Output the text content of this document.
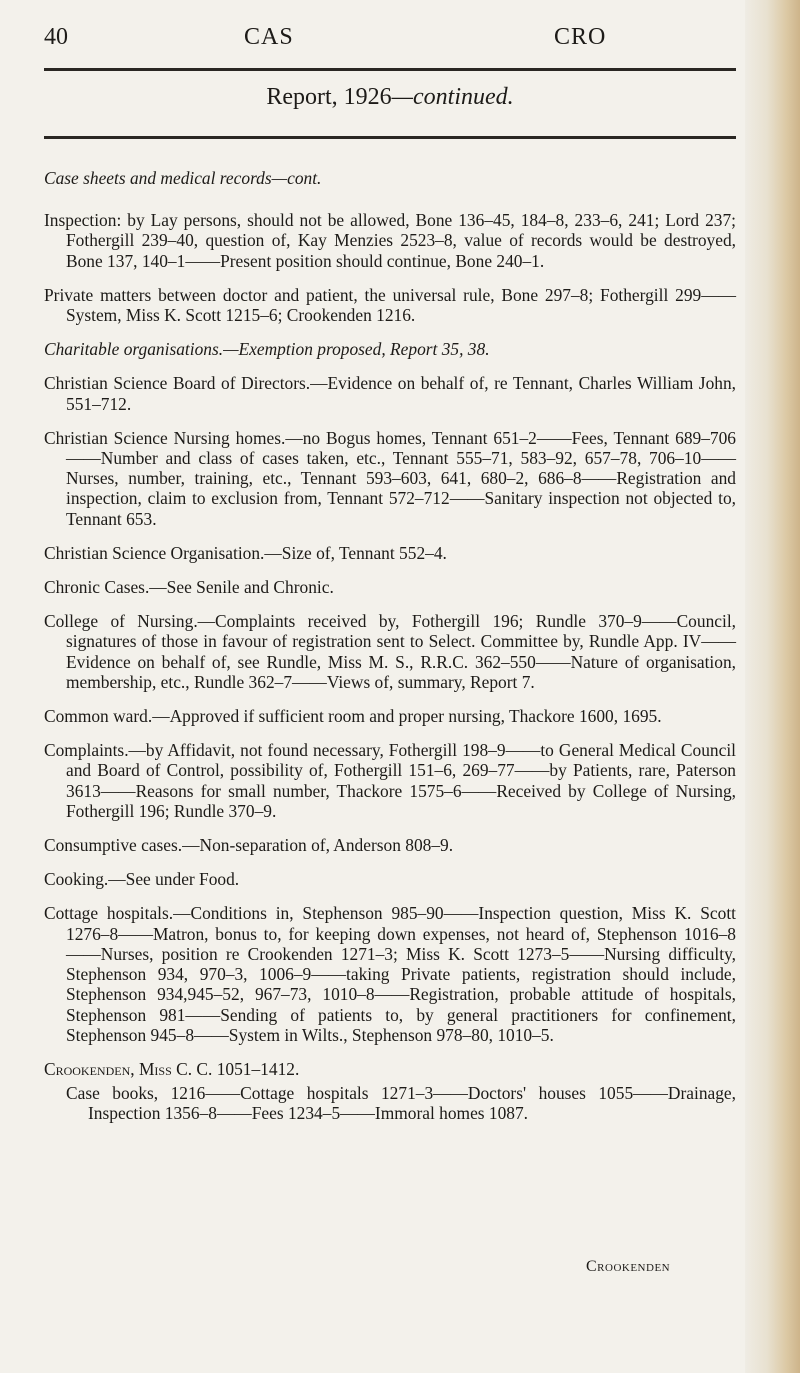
40	CAS	CRO
Report, 1926—continued.
Case sheets and medical records—cont.
Inspection: by Lay persons, should not be allowed, Bone 136–45, 184–8, 233–6, 241; Lord 237; Fothergill 239–40, question of, Kay Menzies 2523–8, value of records would be destroyed, Bone 137, 140–1——Present position should continue, Bone 240–1.
Private matters between doctor and patient, the universal rule, Bone 297–8; Fothergill 299——System, Miss K. Scott 1215–6; Crookenden 1216.
Charitable organisations.—Exemption proposed, Report 35, 38.
Christian Science Board of Directors.—Evidence on behalf of, re Tennant, Charles William John, 551–712.
Christian Science Nursing homes.—no Bogus homes, Tennant 651–2——Fees, Tennant 689–706——Number and class of cases taken, etc., Tennant 555–71, 583–92, 657–78, 706–10——Nurses, number, training, etc., Tennant 593–603, 641, 680–2, 686–8——Registration and inspection, claim to exclusion from, Tennant 572–712——Sanitary inspection not objected to, Tennant 653.
Christian Science Organisation.—Size of, Tennant 552–4.
Chronic Cases.—See Senile and Chronic.
College of Nursing.—Complaints received by, Fothergill 196; Rundle 370–9——Council, signatures of those in favour of registration sent to Select. Committee by, Rundle App. IV——Evidence on behalf of, see Rundle, Miss M. S., R.R.C. 362–550——Nature of organisation, membership, etc., Rundle 362–7——Views of, summary, Report 7.
Common ward.—Approved if sufficient room and proper nursing, Thackore 1600, 1695.
Complaints.—by Affidavit, not found necessary, Fothergill 198–9——to General Medical Council and Board of Control, possibility of, Fothergill 151–6, 269–77——by Patients, rare, Paterson 3613——Reasons for small number, Thackore 1575–6——Received by College of Nursing, Fothergill 196; Rundle 370–9.
Consumptive cases.—Non-separation of, Anderson 808–9.
Cooking.—See under Food.
Cottage hospitals.—Conditions in, Stephenson 985–90——Inspection question, Miss K. Scott 1276–8——Matron, bonus to, for keeping down expenses, not heard of, Stephenson 1016–8——Nurses, position re Crookenden 1271–3; Miss K. Scott 1273–5——Nursing difficulty, Stephenson 934, 970–3, 1006–9——taking Private patients, registration should include, Stephenson 934,945–52, 967–73, 1010–8——Registration, probable attitude of hospitals, Stephenson 981——Sending of patients to, by general practitioners for confinement, Stephenson 945–8——System in Wilts., Stephenson 978–80, 1010–5.
Crookenden, Miss C. C. 1051–1412.
Case books, 1216——Cottage hospitals 1271–3——Doctors' houses 1055——Drainage, Inspection 1356–8——Fees 1234–5——Immoral homes 1087.
Crookenden
